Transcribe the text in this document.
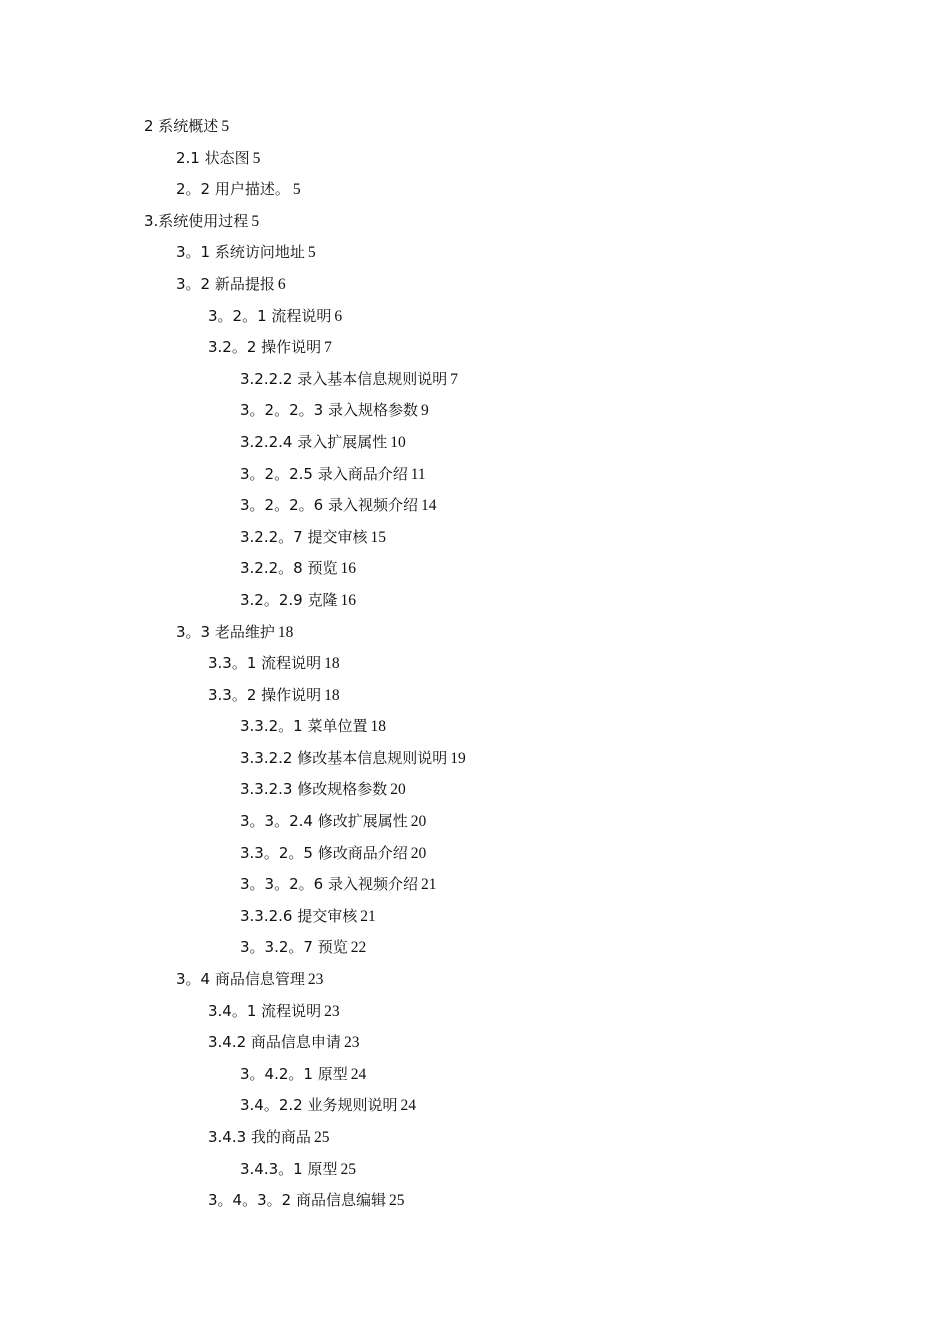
2 系统概述 5
2.1 状态图 5
2。2 用户描述。 5
3.系统使用过程 5
3。1 系统访问地址 5
3。2 新品提报 6
3。2。1 流程说明 6
3.2。2 操作说明 7
3.2.2.2 录入基本信息规则说明 7
3。2。2。3 录入规格参数 9
3.2.2.4 录入扩展属性 10
3。2。2.5 录入商品介绍 11
3。2。2。6 录入视频介绍 14
3.2.2。7 提交审核 15
3.2.2。8 预览 16
3.2。2.9 克隆 16
3。3 老品维护 18
3.3。1 流程说明 18
3.3。2 操作说明 18
3.3.2。1 菜单位置 18
3.3.2.2 修改基本信息规则说明 19
3.3.2.3 修改规格参数 20
3。3。2.4 修改扩展属性 20
3.3。2。5 修改商品介绍 20
3。3。2。6 录入视频介绍 21
3.3.2.6 提交审核 21
3。3.2。7 预览 22
3。4 商品信息管理 23
3.4。1 流程说明 23
3.4.2 商品信息申请 23
3。4.2。1 原型 24
3.4。2.2 业务规则说明 24
3.4.3 我的商品 25
3.4.3。1 原型 25
3。4。3。2 商品信息编辑 25
